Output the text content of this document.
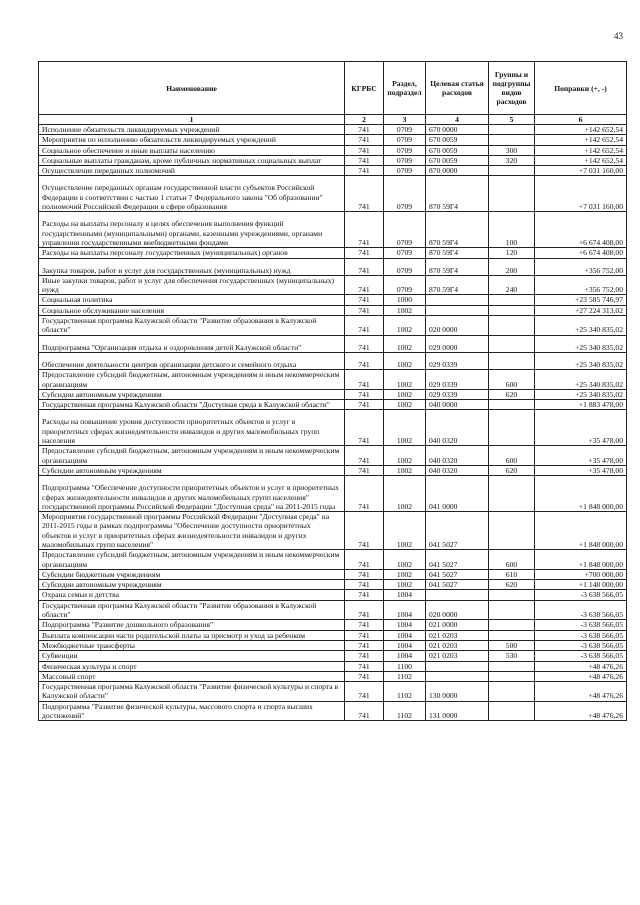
43
Наименование	КГРБС	Раздел, подраздел	Целевая статья расходов	Группы и подгруппы видов расходов	Поправки (+, -)
1	2	3	4	5	6
Исполнение обязательств ликвидируемых учреждений	741	0709	670 0000		+142 652,54
Мероприятия по исполнению обязательств ликвидируемых учреждений	741	0709	670 0059		+142 652,54
Социальное обеспечение и иные выплаты населению	741	0709	670 0059	300	+142 652,54
Социальные выплаты гражданам, кроме публичных нормативных социальных выплат	741	0709	670 0059	320	+142 652,54
Осуществление переданных полномочий	741	0709	870 0000		+7 031 160,00
Осуществление переданных органам государственной власти субъектов Российской Федерации в соответствии с частью 1 статьи 7 Федерального закона "Об образовании" полномочий Российской Федерации в сфере образования	741	0709	870 59Г4		+7 031 160,00
Расходы на выплаты персоналу в целях обеспечения выполнения функций государственными (муниципальными) органами, казенными учреждениями, органами управления государственными внебюджетными фондами	741	0709	870 59Г4	100	+6 674 408,00
Расходы на выплаты персоналу государственных (муниципальных) органов	741	0709	870 59Г4	120	+6 674 408,00
Закупка товаров, работ и услуг для государственных (муниципальных) нужд	741	0709	870 59Г4	200	+356 752,00
Иные закупки товаров, работ и услуг для обеспечения государственных (муниципальных) нужд	741	0709	870 59Г4	240	+356 752,00
Социальная политика	741	1000			+23 585 746,97
Социальное обслуживание населения	741	1002			+27 224 313,02
Государственная программа Калужской области "Развитие образования в Калужской области"	741	1002	020 0000		+25 340 835,02
Подпрограмма "Организация отдыха и оздоровления детей Калужской области"	741	1002	029 0000		+25 340 835,02
Обеспечение деятельности центров организации детского и семейного отдыха	741	1002	029 0339		+25 340 835,02
Предоставление субсидий бюджетным, автономным учреждениям и иным некоммерческим организациям	741	1002	029 0339	600	+25 340 835,02
Субсидии автономным учреждениям	741	1002	029 0339	620	+25 340 835,02
Государственная программа Калужской области "Доступная среда в Калужской области"	741	1002	040 0000		+1 883 478,00
Расходы на повышение уровня доступности приоритетных объектов и услуг в приоритетных сферах жизнедеятельности инвалидов и других маломобильных групп населения	741	1002	040 0320		+35 478,00
Предоставление субсидий бюджетным, автономным учреждениям и иным некоммерческим организациям	741	1002	040 0320	600	+35 478,00
Субсидии автономным учреждениям	741	1002	040 0320	620	+35 478,00
Подпрограмма "Обеспечение доступности приоритетных объектов и услуг в приоритетных сферах жизнедеятельности инвалидов и других маломобильных групп населения" государственной программы Российской Федерации "Доступная среда" на 2011-2015 годы	741	1002	041 0000		+1 848 000,00
Мероприятия государственной программы Российской Федерации "Доступная среда" на 2011-2015 годы в рамках подпрограммы "Обеспечение доступности приоритетных объектов и услуг в приоритетных сферах жизнедеятельности инвалидов и других маломобильных групп населения"	741	1002	041 5027		+1 848 000,00
Предоставление субсидий бюджетным, автономным учреждениям и иным некоммерческим организациям	741	1002	041 5027	600	+1 848 000,00
Субсидии бюджетным учреждениям	741	1002	041 5027	610	+700 000,00
Субсидии автономным учреждениям	741	1002	041 5027	620	+1 148 000,00
Охрана семьи и детства	741	1004			-3 638 566,05
Государственная программа Калужской области "Развитие образования в Калужской области"	741	1004	020 0000		-3 638 566,05
Подпрограмма "Развитие дошкольного образования"	741	1004	021 0000		-3 638 566,05
Выплата компенсации части родительской платы за присмотр и уход за ребенком	741	1004	021 0203		-3 638 566,05
Межбюджетные трансферты	741	1004	021 0203	500	-3 638 566,05
Субвенции	741	1004	021 0203	530	-3 638 566,05
Физическая культура и спорт	741	1100			+48 476,26
Массовый спорт	741	1102			+48 476,26
Государственная программа Калужской области "Развитие физической культуры и спорта в Калужской области"	741	1102	130 0000		+48 476,26
Подпрограмма "Развитие физической культуры, массового спорта и спорта высших достижений"	741	1102	131 0000		+48 476,26
